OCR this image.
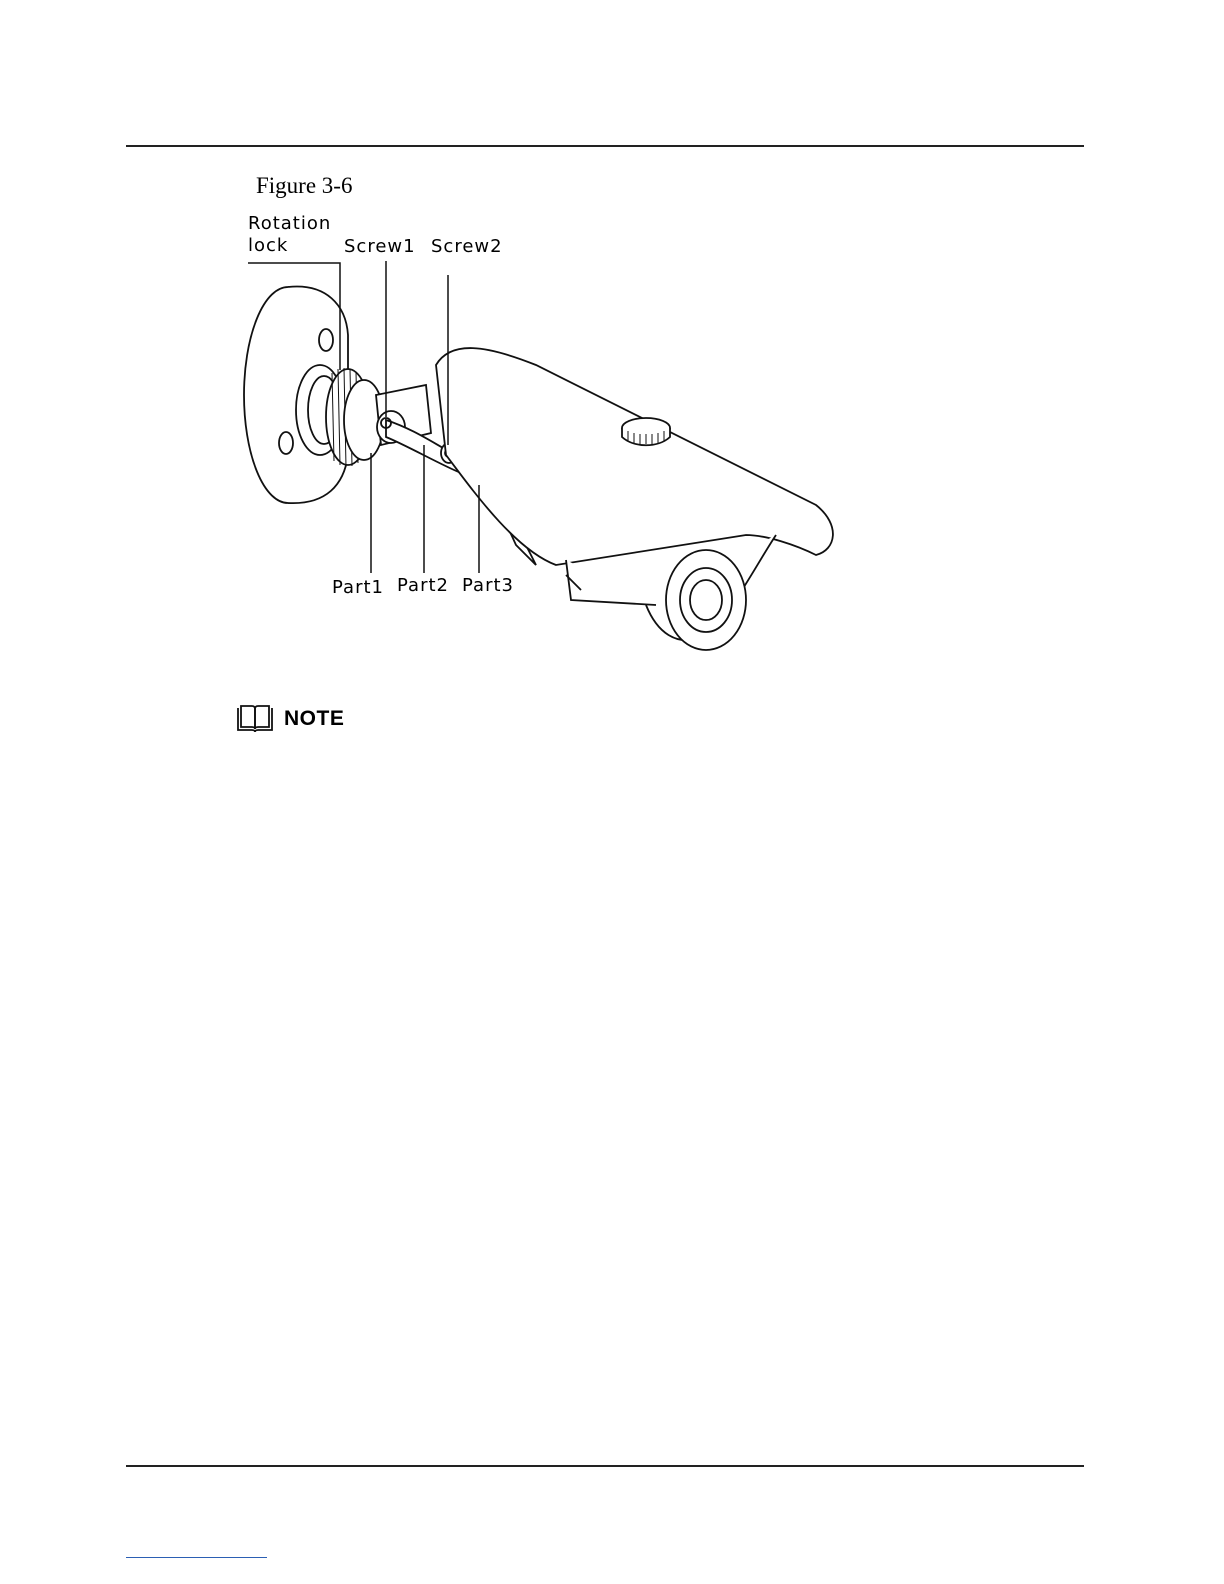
Figure 3-6
Rotation
lock	Screw1 Screw2
Part1 Part2 Part3
NOTE
